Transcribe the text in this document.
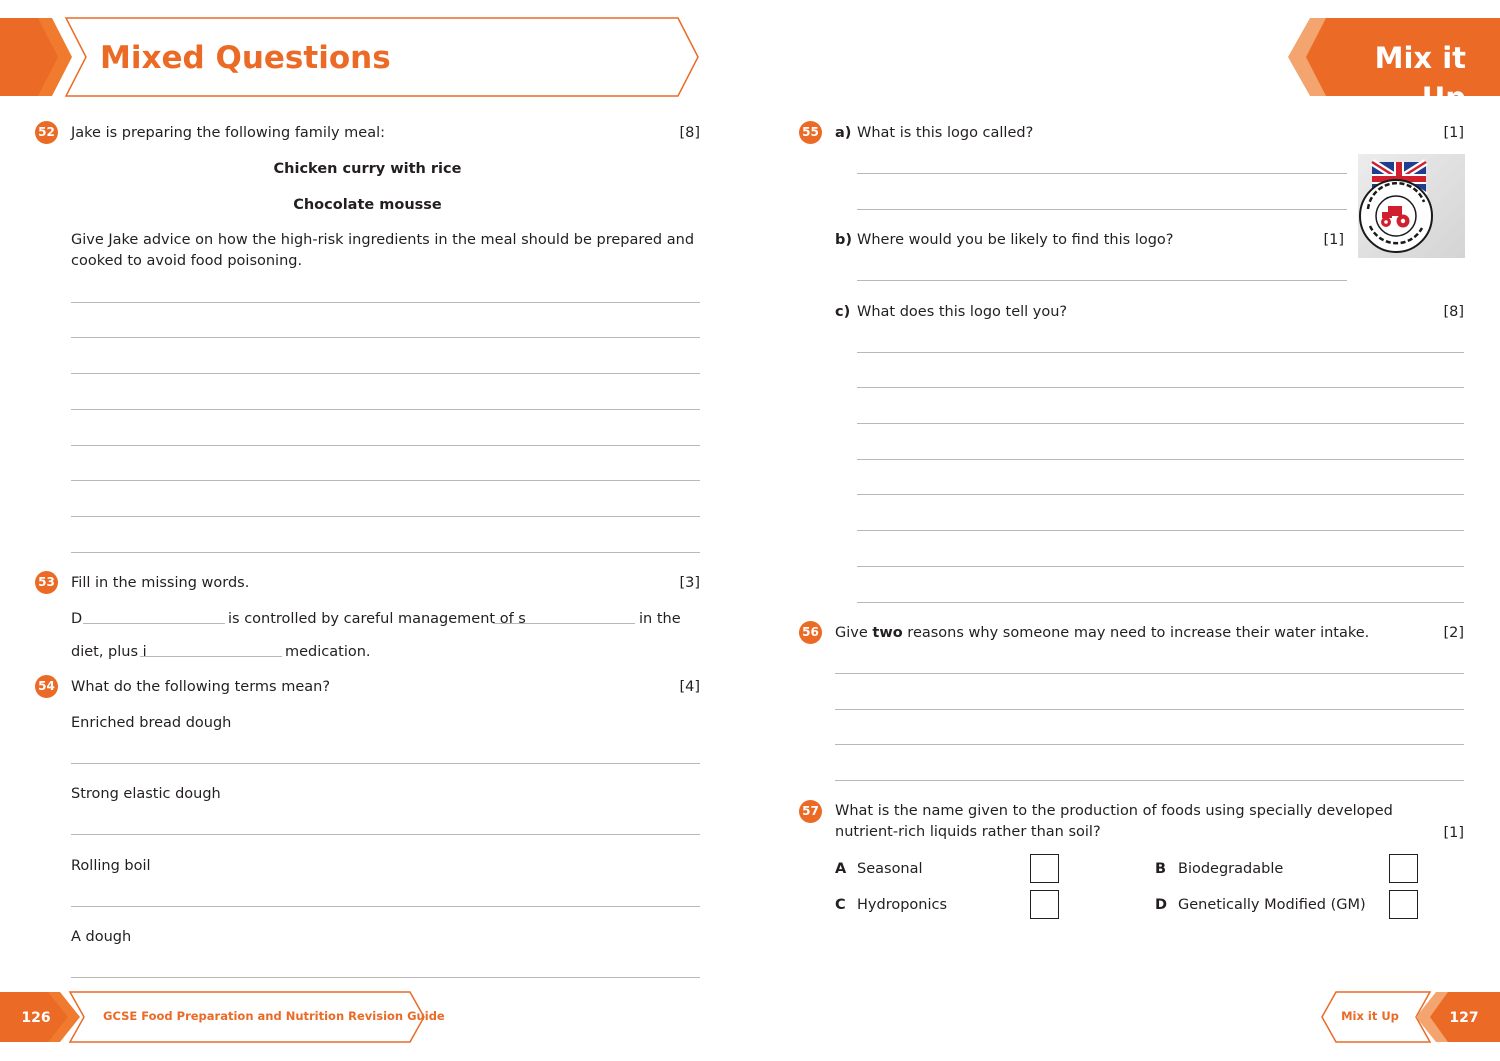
Mixed Questions	Mix it Up
52 Jake is preparing the following family meal:	[8]
Chicken curry with rice
Chocolate mousse
Give Jake advice on how the high-risk ingredients in the meal should be prepared and cooked to avoid food poisoning.
53 Fill in the missing words.	[3]
D	is controlled by careful management of s	in the
diet, plus i	medication.
54 What do the following terms mean?	[4]
Enriched bread dough
Strong elastic dough
Rolling boil
A dough
126	GCSE Food Preparation and Nutrition Revision Guide
55 a) What is this logo called?	[1]
b) Where would you be likely to find this logo?	[1]
c) What does this logo tell you?	[8]
56 Give two reasons why someone may need to increase their water intake.	[2]
57 What is the name given to the production of foods using specially developed nutrient-rich liquids rather than soil?	[1]
A Seasonal	B Biodegradable
C Hydroponics	D Genetically Modified (GM)
Mix it Up	127
